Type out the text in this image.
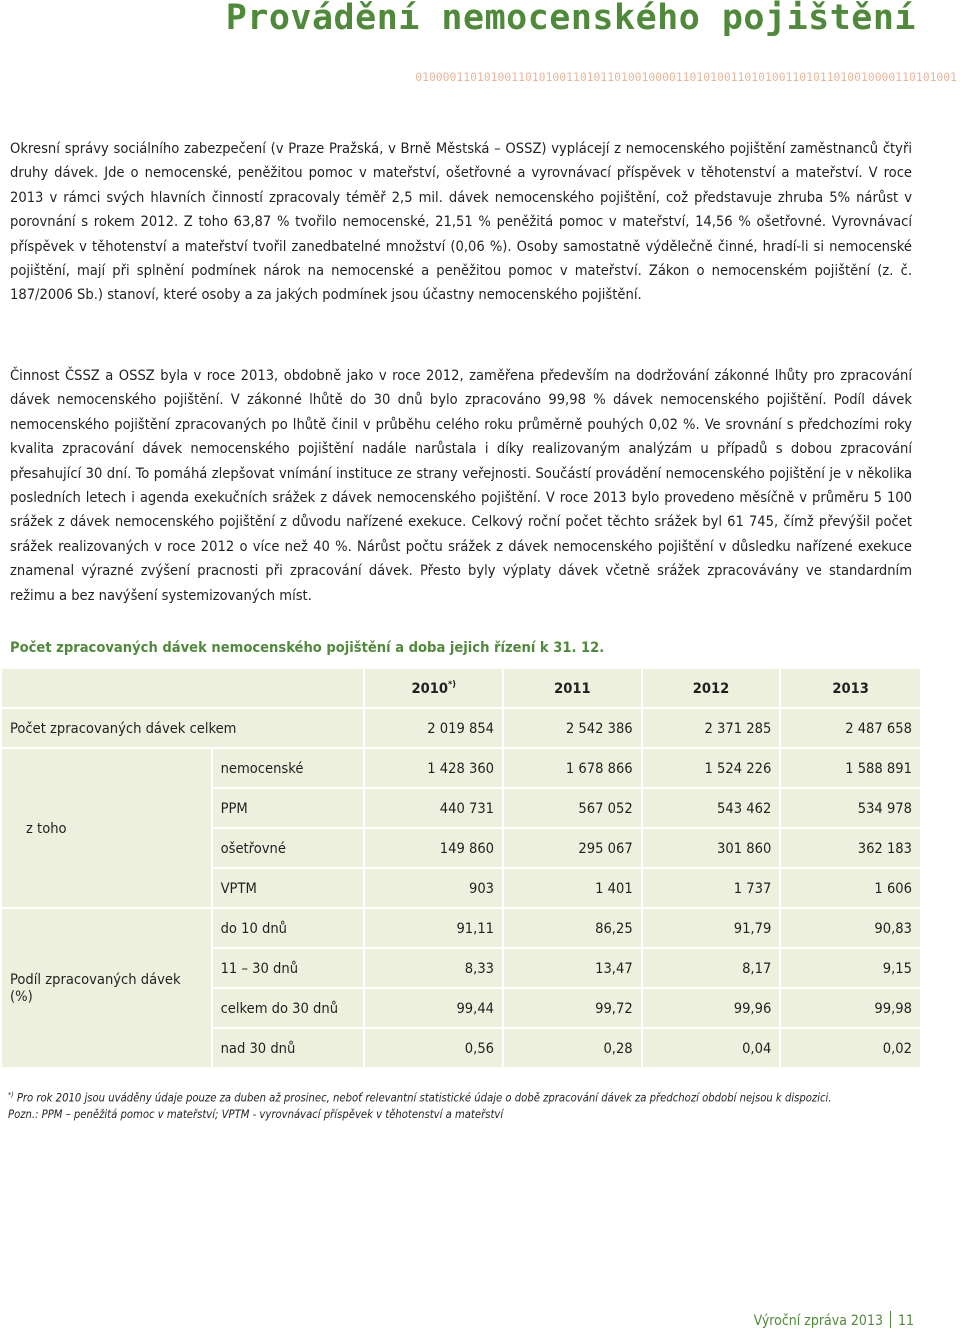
Provádění nemocenského pojištění
0100001101010011010100110101101001000011010100110101001101011010010000110101001

Okresní správy sociálního zabezpečení (v Praze Pražská, v Brně Městská – OSSZ) vyplácejí z nemocenského pojištění zaměstnanců čtyři druhy dávek. Jde o nemocenské, peněžitou pomoc v mateřství, ošetřovné a vyrovnávací příspěvek v těhotenství a mateřství. V roce 2013 v rámci svých hlavních činností zpracovaly téměř 2,5 mil. dávek nemocenského pojištění, což představuje zhruba 5% nárůst v porovnání s rokem 2012. Z toho 63,87 % tvořilo nemocenské, 21,51 % peněžitá pomoc v mateřství, 14,56 % ošetřovné. Vyrovnávací příspěvek v těhotenství a mateřství tvořil zanedbatelné množství (0,06 %). Osoby samostatně výdělečně činné, hradí-li si nemocenské pojištění, mají při splnění podmínek nárok na nemocenské a peněžitou pomoc v mateřství. Zákon o nemocenském pojištění (z. č. 187/2006 Sb.) stanoví, které osoby a za jakých podmínek jsou účastny nemocenského pojištění.

Činnost ČSSZ a OSSZ byla v roce 2013, obdobně jako v roce 2012, zaměřena především na dodržování zákonné lhůty pro zpracování dávek nemocenského pojištění. V zákonné lhůtě do 30 dnů bylo zpracováno 99,98 % dávek nemocenského pojištění. Podíl dávek nemocenského pojištění zpracovaných po lhůtě činil v průběhu celého roku průměrně pouhých 0,02 %. Ve srovnání s předchozími roky kvalita zpracování dávek nemocenského pojištění nadále narůstala i díky realizovaným analýzám u případů s dobou zpracování přesahující 30 dní. To pomáhá zlepšovat vnímání instituce ze strany veřejnosti. Součástí provádění nemocenského pojištění je v několika posledních letech i agenda exekučních srážek z dávek nemocenského pojištění. V roce 2013 bylo provedeno měsíčně v průměru 5 100 srážek z dávek nemocenského pojištění z důvodu nařízené exekuce. Celkový roční počet těchto srážek byl 61 745, čímž převýšil počet srážek realizovaných v roce 2012 o více než 40 %. Nárůst počtu srážek z dávek nemocenského pojištění v důsledku nařízené exekuce znamenal výrazné zvýšení pracnosti při zpracování dávek. Přesto byly výplaty dávek včetně srážek zpracovávány ve standardním režimu a bez navýšení systemizovaných míst.

Počet zpracovaných dávek nemocenského pojištění a doba jejich řízení k 31. 12.

		2010*)	2011	2012	2013
Počet zpracovaných dávek celkem		2 019 854	2 542 386	2 371 285	2 487 658
z toho	nemocenské	1 428 360	1 678 866	1 524 226	1 588 891
	PPM	440 731	567 052	543 462	534 978
	ošetřovné	149 860	295 067	301 860	362 183
	VPTM	903	1 401	1 737	1 606
Podíl zpracovaných dávek (%)	do 10 dnů	91,11	86,25	91,79	90,83
	11 – 30 dnů	8,33	13,47	8,17	9,15
	celkem do 30 dnů	99,44	99,72	99,96	99,98
	nad 30 dnů	0,56	0,28	0,04	0,02
*) Pro rok 2010 jsou uváděny údaje pouze za duben až prosinec, neboť relevantní statistické údaje o době zpracování dávek za předchozí období nejsou k dispozici.
Pozn.: PPM – peněžitá pomoc v mateřství; VPTM - vyrovnávací příspěvek v těhotenství a mateřství
Výroční zpráva 2013 11
